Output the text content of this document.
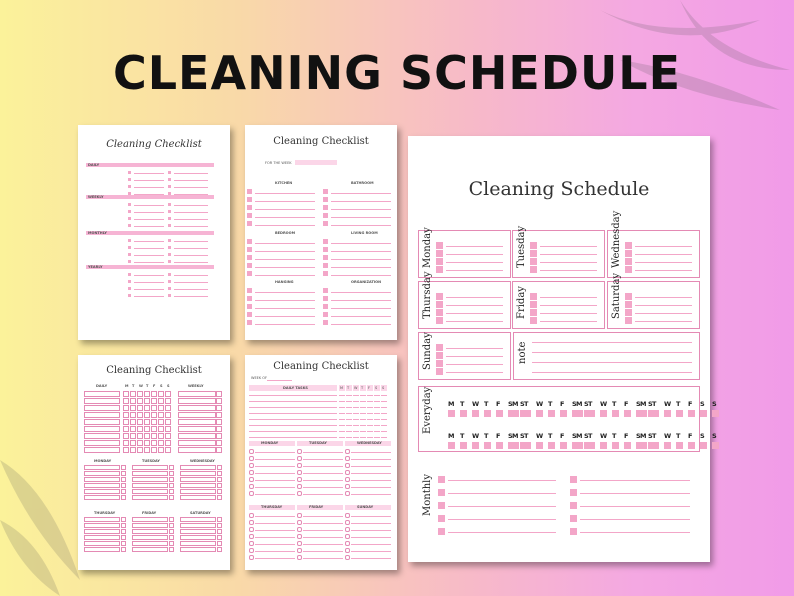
CLEANING SCHEDULE
Cleaning Checklist
DAILY
WEEKLY
MONTHLY
YEARLY
Cleaning Checklist
FOR THE WEEK
KITCHEN	BATHROOM
BEDROOM	LIVING ROOM
HANGING	ORGANIZATION
Cleaning Checklist
DAILY	M T W T F S S	WEEKLY
MONDAY	TUESDAY	WEDNESDAY
THURSDAY	FRIDAY	SATURDAY
Cleaning Checklist
WEEK OF
DAILY TASKS	M T W T F S S
MONDAY	TUESDAY	WEDNESDAY
THURSDAY	FRIDAY	SUNDAY
Cleaning Schedule
Monday	Tuesday	Wednesday
Thursday	Friday	Saturday
Sunday	note
Everyday M T W T F S S
M T W T F S S
M T W T F S S
M T W T F S S
M T W T F S S
M T W T F S S
M T W T F S S
M T W T F S S
Monthly
